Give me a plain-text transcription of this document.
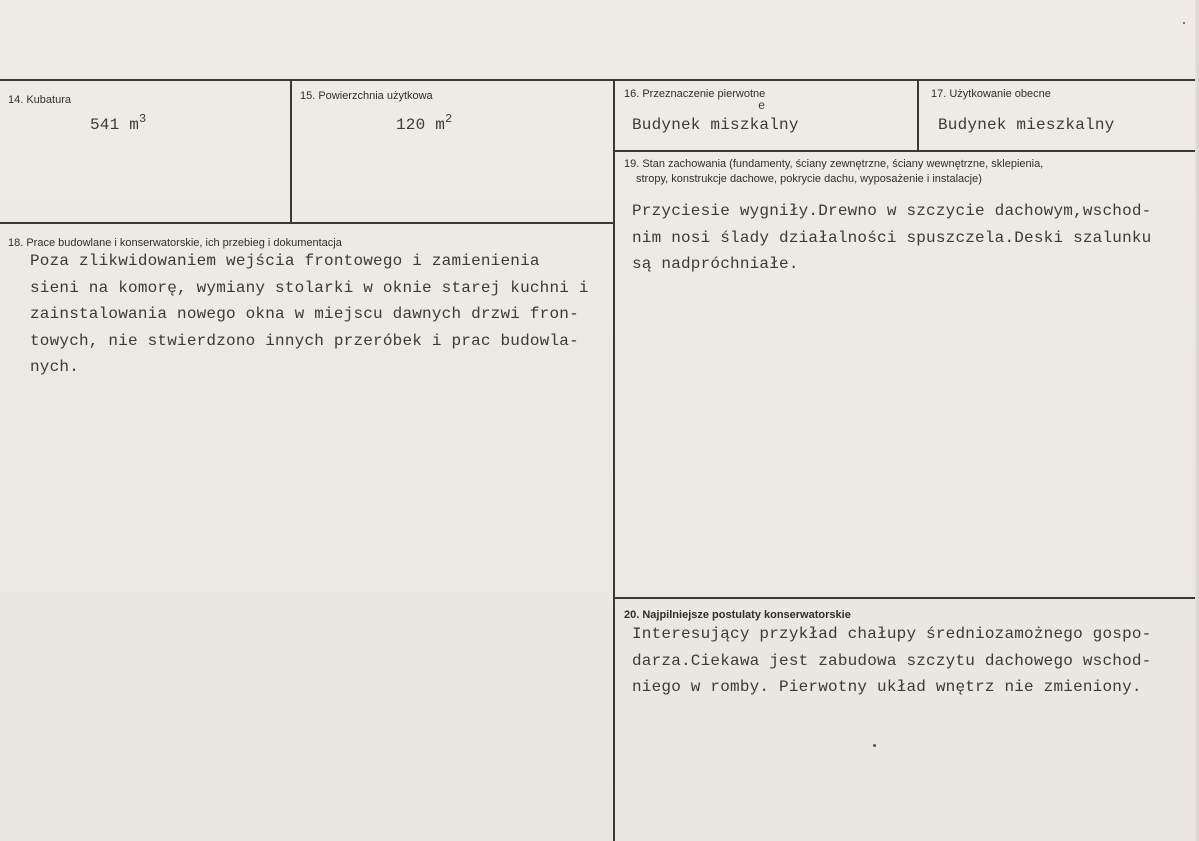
14. Kubatura
541 $m^3$
15. Powierzchnia użytkowa
120 $m^2$
16. Przeznaczenie pierwotne
Budynek miszkalny
e
17. Użytkowanie obecne
Budynek mieszkalny
19. Stan zachowania (fundamenty, ściany zewnętrzne, ściany wewnętrzne, sklepienia,
stropy, konstrukcje dachowe, pokrycie dachu, wyposażenie i instalacje)
Przyciesie wygniły.Drewno w szczycie dachowym,wschod-
nim nosi ślady działalności spuszczela.Deski szalunku
są nadpróchniałe.
18. Prace budowlane i konserwatorskie, ich przebieg i dokumentacja
Poza zlikwidowaniem wejścia frontowego i zamienienia
sieni na komorę, wymiany stolarki w oknie starej kuchni i
zainstalowania nowego okna w miejscu dawnych drzwi fron-
towych, nie stwierdzono innych przeróbek i prac budowla-
nych.
20. Najpilniejsze postulaty konserwatorskie
Interesujący przykład chałupy średniozamożnego gospo-
darza.Ciekawa jest zabudowa szczytu dachowego wschod-
niego w romby. Pierwotny układ wnętrz nie zmieniony.
